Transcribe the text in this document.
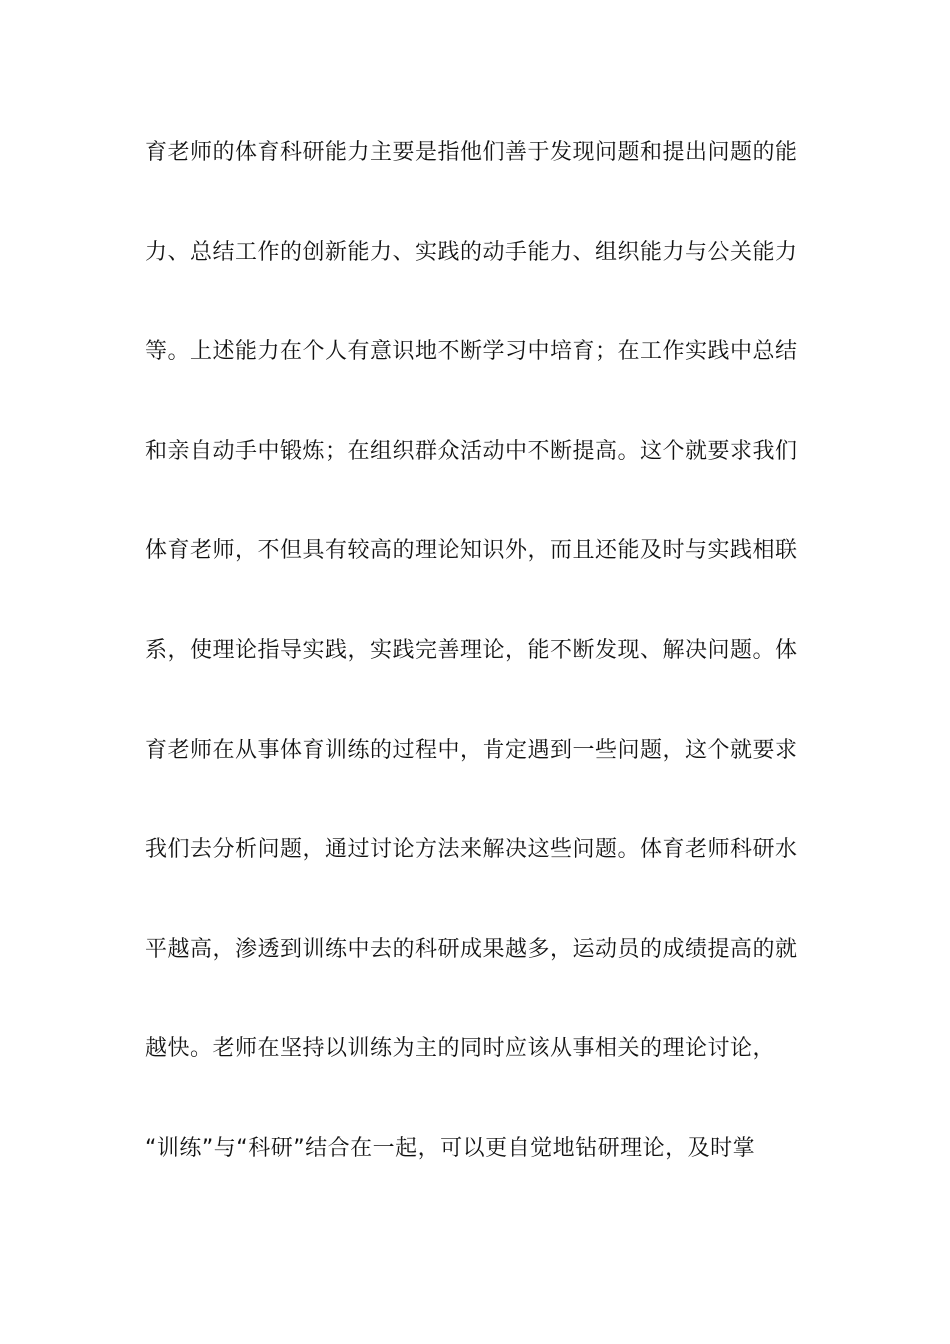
育老师的体育科研能力主要是指他们善于发现问题和提出问题的能
力、总结工作的创新能力、实践的动手能力、组织能力与公关能力
等。上述能力在个人有意识地不断学习中培育；在工作实践中总结
和亲自动手中锻炼；在组织群众活动中不断提高。这个就要求我们
体育老师，不但具有较高的理论知识外，而且还能及时与实践相联
系，使理论指导实践，实践完善理论，能不断发现、解决问题。体
育老师在从事体育训练的过程中，肯定遇到一些问题，这个就要求
我们去分析问题，通过讨论方法来解决这些问题。体育老师科研水
平越高，渗透到训练中去的科研成果越多，运动员的成绩提高的就
越快。老师在坚持以训练为主的同时应该从事相关的理论讨论，
“训练”与“科研”结合在一起，可以更自觉地钻研理论，及时掌
